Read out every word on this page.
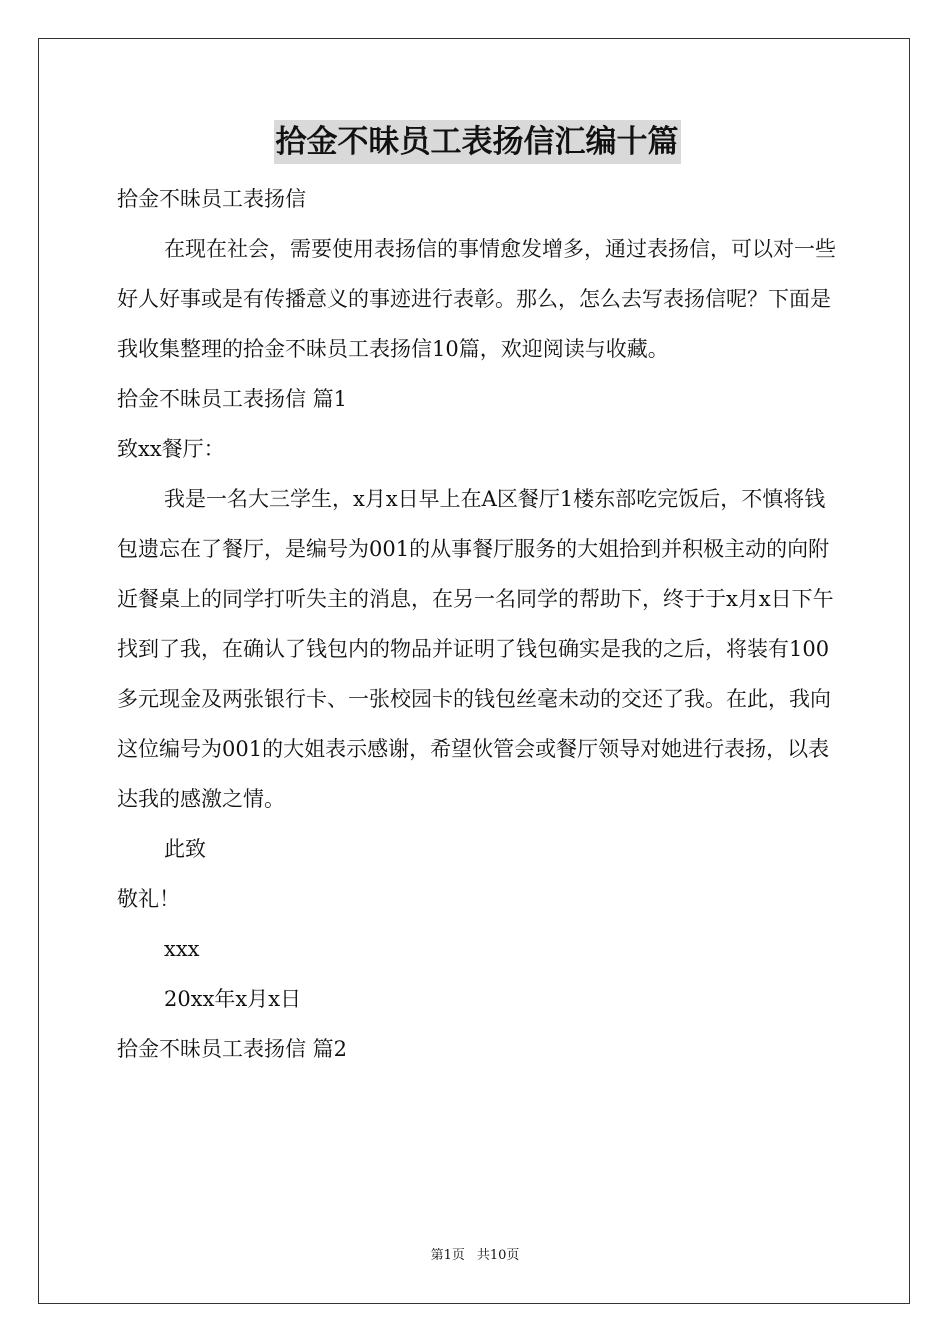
拾金不昧员工表扬信汇编十篇

拾金不昧员工表扬信

在现在社会，需要使用表扬信的事情愈发增多，通过表扬信，可以对一些好人好事或是有传播意义的事迹进行表彰。那么，怎么去写表扬信呢？下面是我收集整理的拾金不昧员工表扬信10篇，欢迎阅读与收藏。

拾金不昧员工表扬信 篇1

致xx餐厅：

我是一名大三学生，x月x日早上在A区餐厅1楼东部吃完饭后，不慎将钱包遗忘在了餐厅，是编号为001的从事餐厅服务的大姐拾到并积极主动的向附近餐桌上的同学打听失主的消息，在另一名同学的帮助下，终于于x月x日下午找到了我，在确认了钱包内的物品并证明了钱包确实是我的之后，将装有100多元现金及两张银行卡、一张校园卡的钱包丝毫未动的交还了我。在此，我向这位编号为001的大姐表示感谢，希望伙管会或餐厅领导对她进行表扬，以表达我的感激之情。

此致

敬礼！

xxx

20xx年x月x日

拾金不昧员工表扬信 篇2

第1页 共10页
